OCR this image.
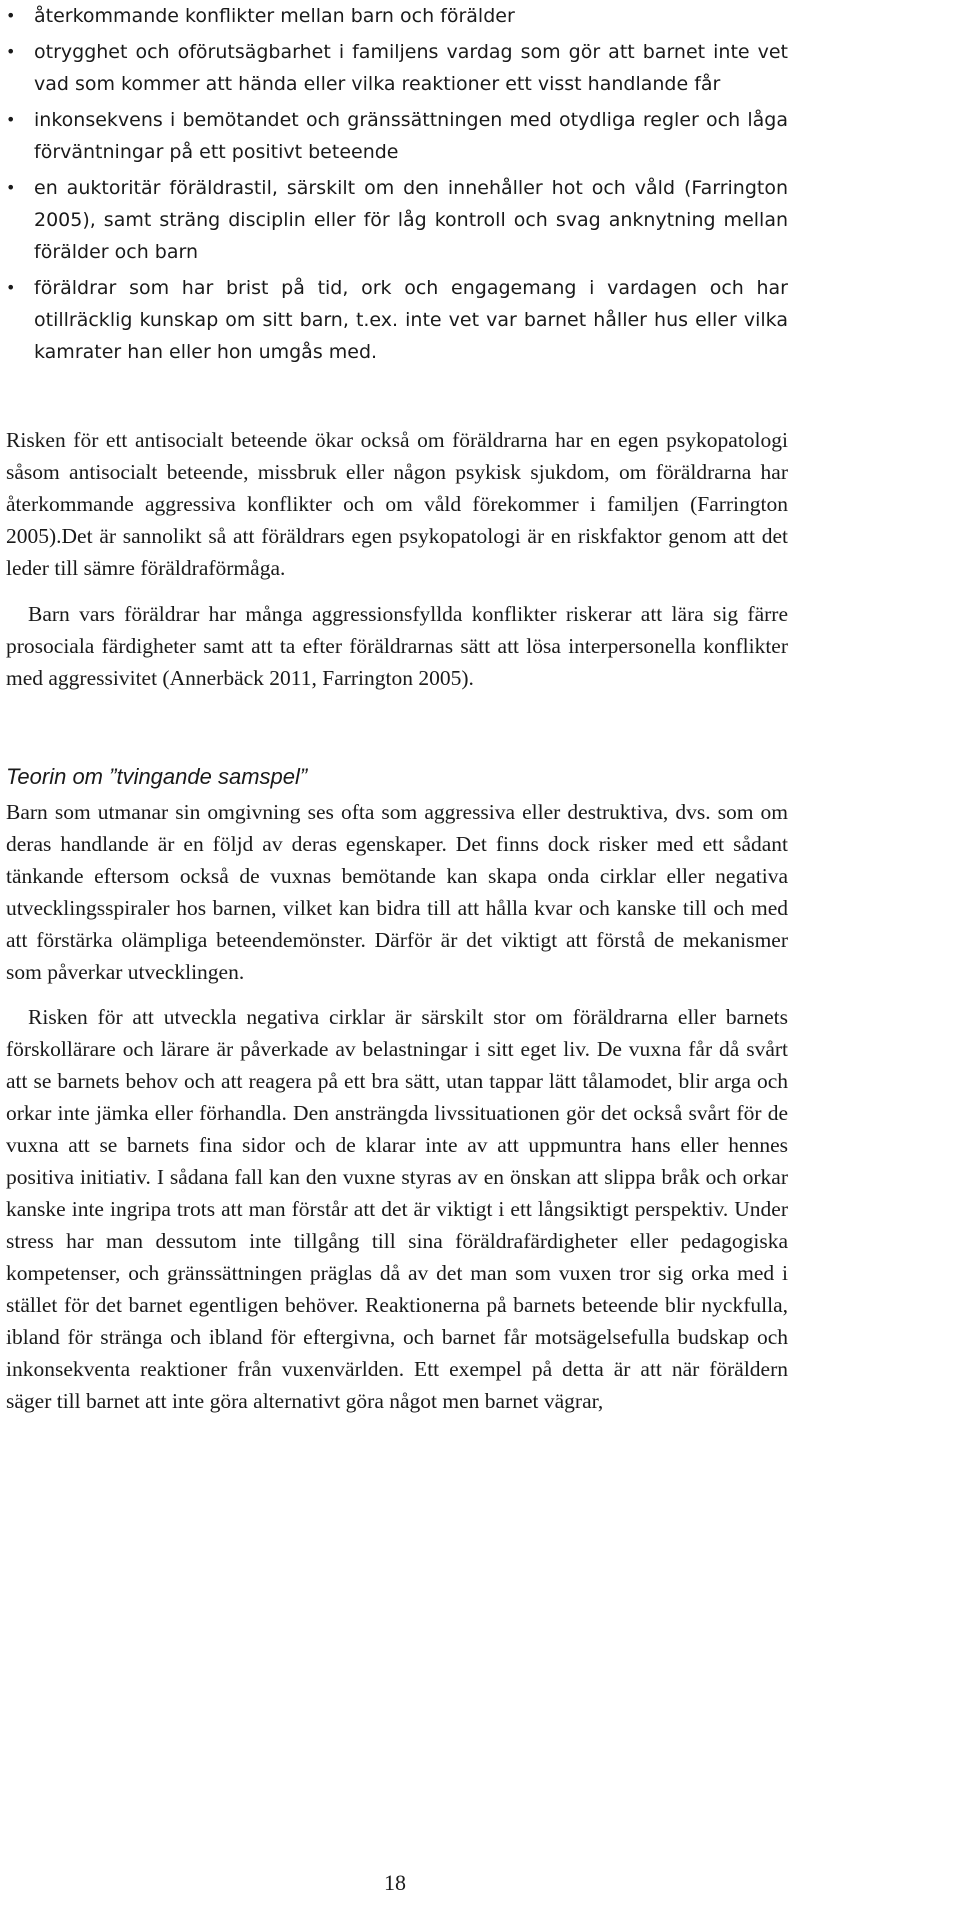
• återkommande konflikter mellan barn och förälder
• otrygghet och oförutsägbarhet i familjens vardag som gör att barnet inte vet vad som kommer att hända eller vilka reaktioner ett visst handlande får
• inkonsekvens i bemötandet och gränssättningen med otydliga regler och låga förväntningar på ett positivt beteende
• en auktoritär föräldrastil, särskilt om den innehåller hot och våld (Farrington 2005), samt sträng disciplin eller för låg kontroll och svag anknytning mellan förälder och barn
• föräldrar som har brist på tid, ork och engagemang i vardagen och har otillräcklig kunskap om sitt barn, t.ex. inte vet var barnet håller hus eller vilka kamrater han eller hon umgås med.

Risken för ett antisocialt beteende ökar också om föräldrarna har en egen psykopatologi såsom antisocialt beteende, missbruk eller någon psykisk sjukdom, om föräldrarna har återkommande aggressiva konflikter och om våld förekommer i familjen (Farrington 2005).Det är sannolikt så att föräldrars egen psykopatologi är en riskfaktor genom att det leder till sämre föräldraförmåga.

Barn vars föräldrar har många aggressionsfyllda konflikter riskerar att lära sig färre prosociala färdigheter samt att ta efter föräldrarnas sätt att lösa interpersonella konflikter med aggressivitet (Annerbäck 2011, Farrington 2005).

Teorin om ”tvingande samspel”

Barn som utmanar sin omgivning ses ofta som aggressiva eller destruktiva, dvs. som om deras handlande är en följd av deras egenskaper. Det finns dock risker med ett sådant tänkande eftersom också de vuxnas bemötande kan skapa onda cirklar eller negativa utvecklingsspiraler hos barnen, vilket kan bidra till att hålla kvar och kanske till och med att förstärka olämpliga beteendemönster. Därför är det viktigt att förstå de mekanismer som påverkar utvecklingen.

Risken för att utveckla negativa cirklar är särskilt stor om föräldrarna eller barnets förskollärare och lärare är påverkade av belastningar i sitt eget liv. De vuxna får då svårt att se barnets behov och att reagera på ett bra sätt, utan tappar lätt tålamodet, blir arga och orkar inte jämka eller förhandla. Den ansträngda livssituationen gör det också svårt för de vuxna att se barnets fina sidor och de klarar inte av att uppmuntra hans eller hennes positiva initiativ. I sådana fall kan den vuxne styras av en önskan att slippa bråk och orkar kanske inte ingripa trots att man förstår att det är viktigt i ett långsiktigt perspektiv. Under stress har man dessutom inte tillgång till sina föräldrafärdigheter eller pedagogiska kompetenser, och gränssättningen präglas då av det man som vuxen tror sig orka med i stället för det barnet egentligen behöver. Reaktionerna på barnets beteende blir nyckfulla, ibland för stränga och ibland för eftergivna, och barnet får motsägelsefulla budskap och inkonsekventa reaktioner från vuxenvärlden. Ett exempel på detta är att när föräldern säger till barnet att inte göra alternativt göra något men barnet vägrar,

18
